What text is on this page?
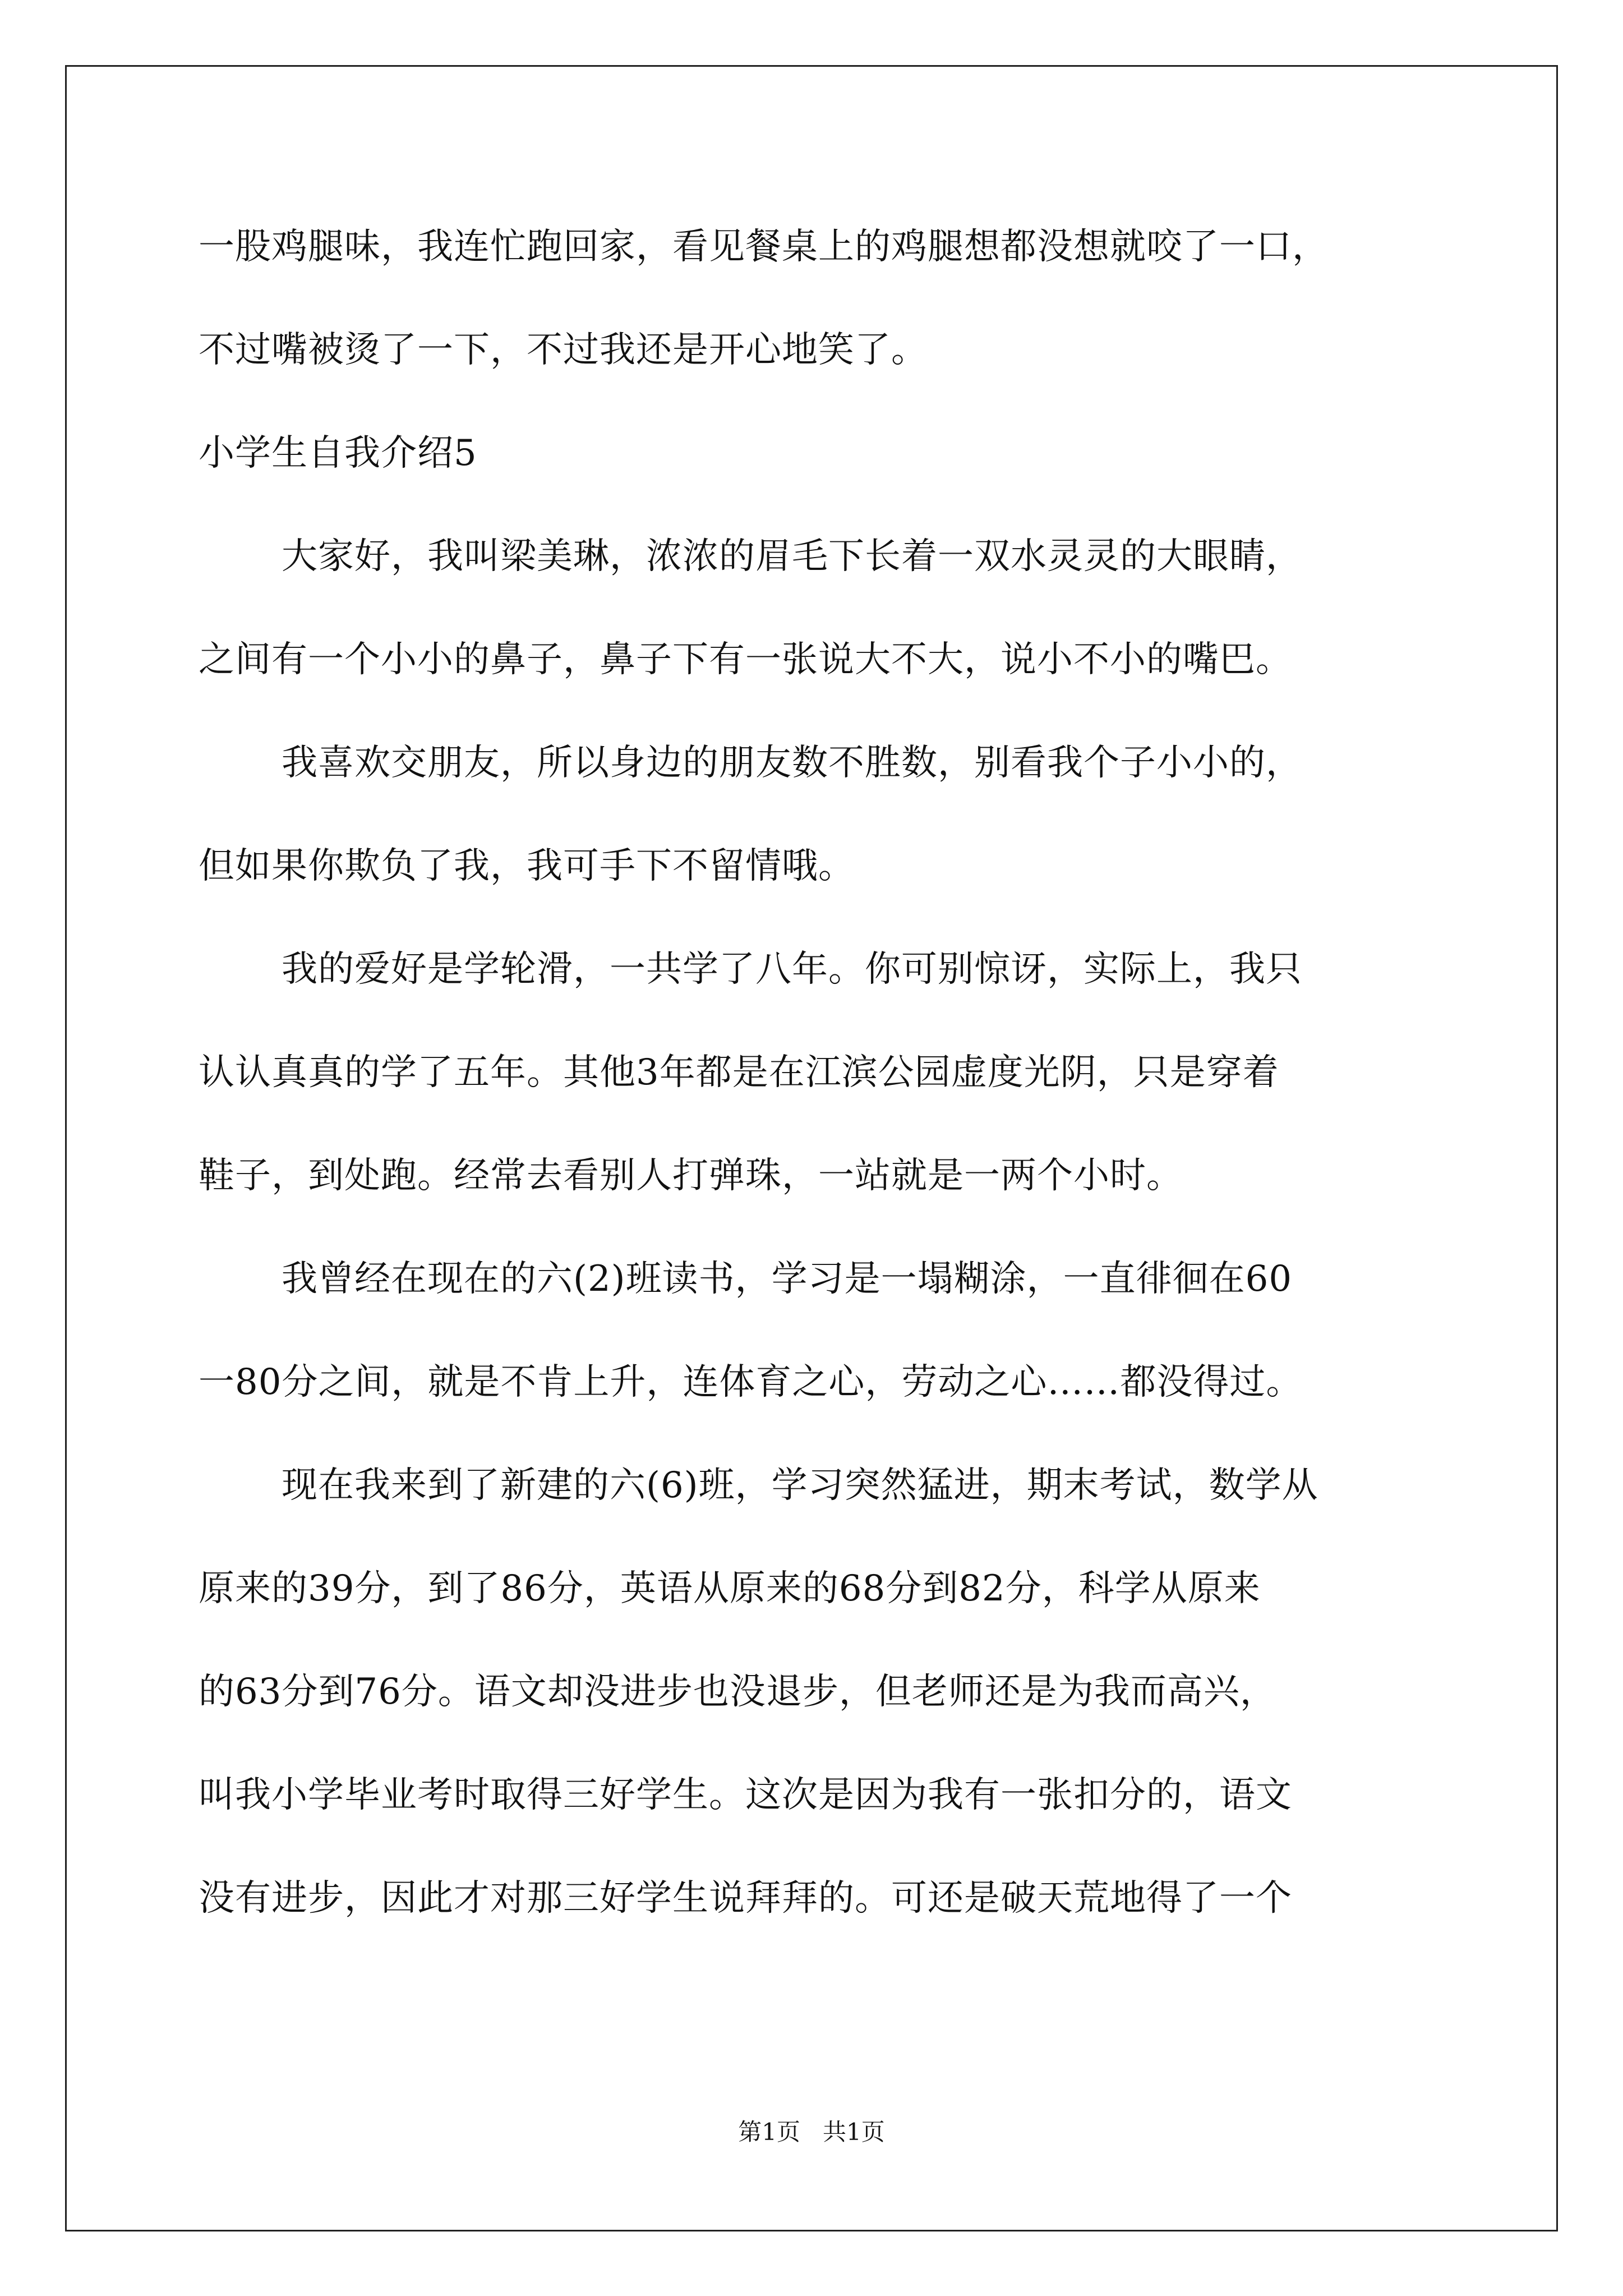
一股鸡腿味，我连忙跑回家，看见餐桌上的鸡腿想都没想就咬了一口，
不过嘴被烫了一下，不过我还是开心地笑了。
小学生自我介绍5
大家好，我叫梁美琳，浓浓的眉毛下长着一双水灵灵的大眼睛，
之间有一个小小的鼻子，鼻子下有一张说大不大，说小不小的嘴巴。
我喜欢交朋友，所以身边的朋友数不胜数，别看我个子小小的，
但如果你欺负了我，我可手下不留情哦。
我的爱好是学轮滑，一共学了八年。你可别惊讶，实际上，我只
认认真真的学了五年。其他3年都是在江滨公园虚度光阴，只是穿着
鞋子，到处跑。经常去看别人打弹珠，一站就是一两个小时。
我曾经在现在的六(2)班读书，学习是一塌糊涂，一直徘徊在60
一80分之间，就是不肯上升，连体育之心，劳动之心……都没得过。
现在我来到了新建的六(6)班，学习突然猛进，期末考试，数学从
原来的39分，到了86分，英语从原来的68分到82分，科学从原来
的63分到76分。语文却没进步也没退步，但老师还是为我而高兴，
叫我小学毕业考时取得三好学生。这次是因为我有一张扣分的，语文
没有进步，因此才对那三好学生说拜拜的。可还是破天荒地得了一个
第1页   共1页
